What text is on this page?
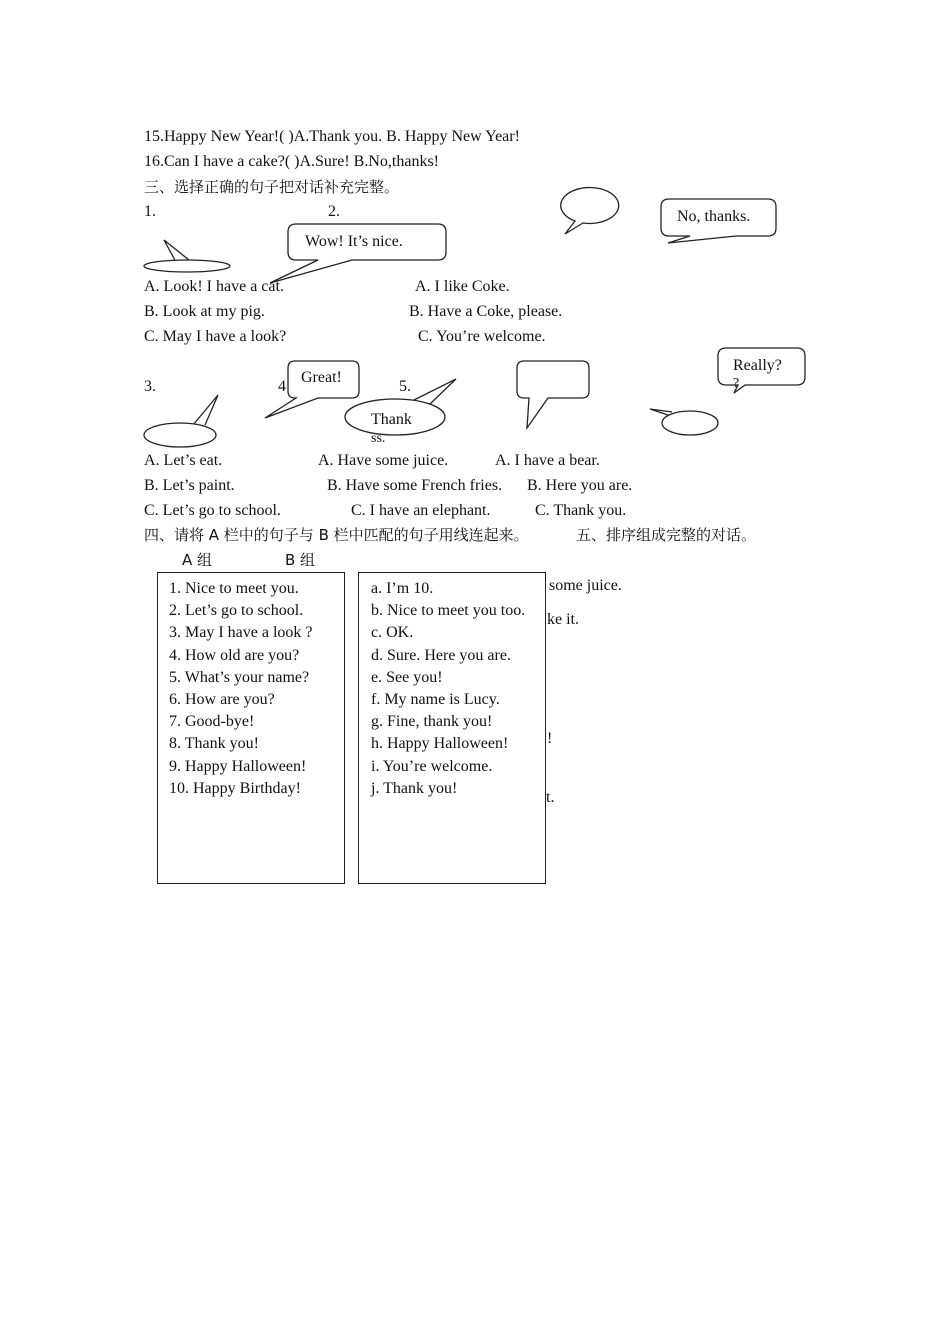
15.Happy New Year!( )A.Thank you. B. Happy New Year!
16.Can I have a cake?( )A.Sure! B.No,thanks!
三、选择正确的句子把对话补充完整。
1.	2.
Wow! It’s nice.
No, thanks.
Great!
Thank
ss.
Really?
?
A. Look! I have a cat.	A. I like Coke.
B. Look at my pig.	B. Have a Coke, please.
C. May I have a look?	C. You’re welcome.
3.	4	5.
A. Let’s eat.	A. Have some juice.	A. I have a bear.
B. Let’s paint.	B. Have some French fries. B. Here you are.
C. Let’s go to school.	C. I have an elephant.	C. Thank you.
四、请将 A 栏中的句子与 B 栏中匹配的句子用线连起来。	五、排序组成完整的对话。
A 组	B 组
some juice.
ke it.
!
t.
1. Nice to meet you.
2. Let’s go to school.
3. May I have a look ?
4. How old are you?
5. What’s your name?
6. How are you?
7. Good-bye!
8. Thank you!
9. Happy Halloween!
10. Happy Birthday!
a. I’m 10.
b. Nice to meet you too.
c. OK.
d. Sure. Here you are.
e. See you!
f. My name is Lucy.
g. Fine, thank you!
h. Happy Halloween!
i. You’re welcome.
j. Thank you!
